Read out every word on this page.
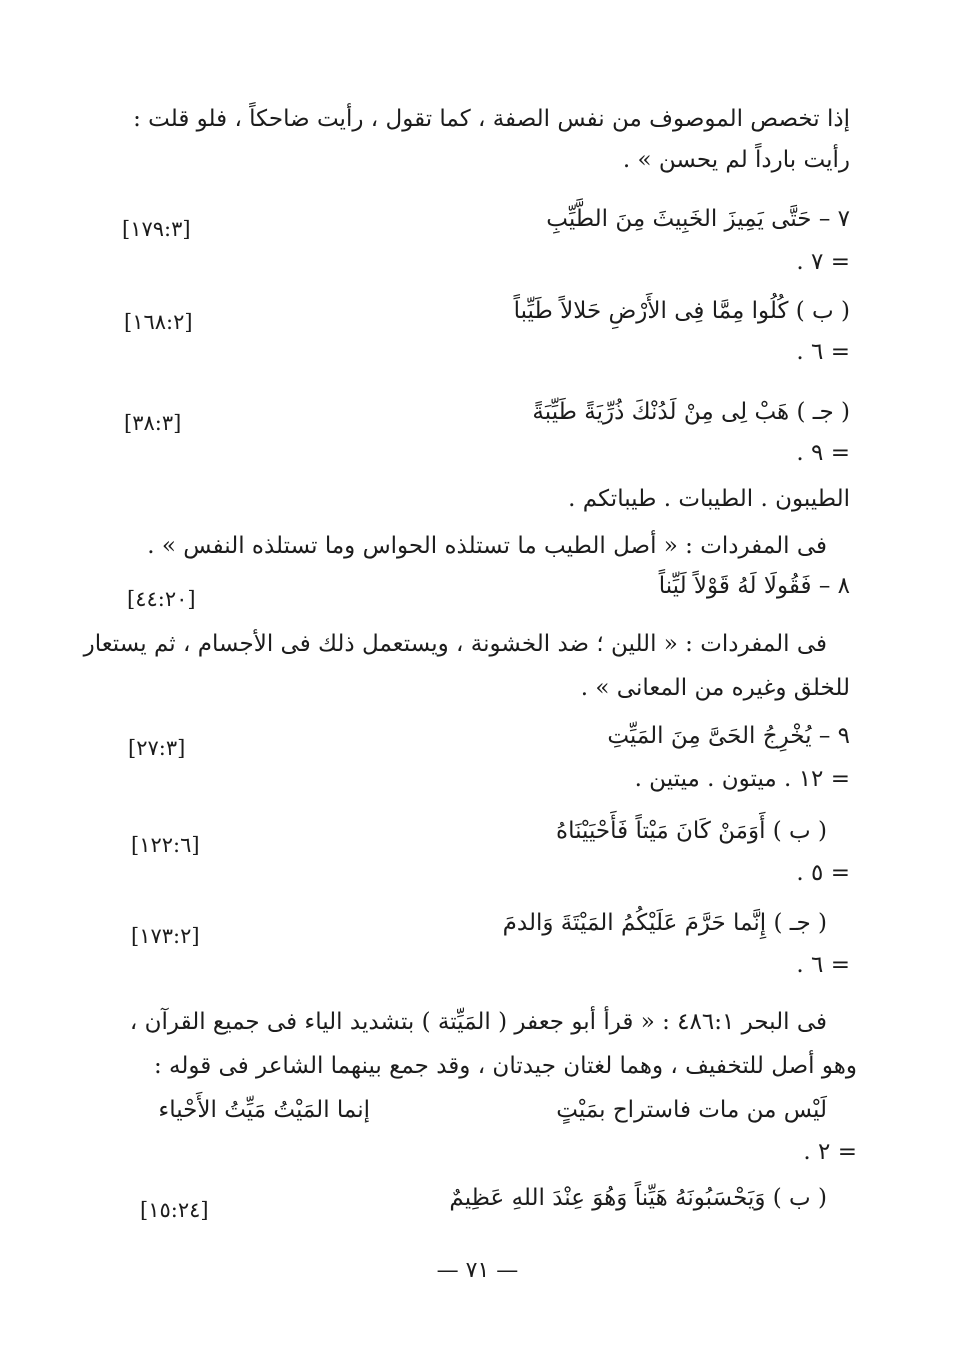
إذا تخصص الموصوف من نفس الصفة ، كما تقول ، رأيت ضاحكاً ، فلو قلت :
رأيت بارداً لم يحسن » .
٧ – حَتَّى يَمِيزَ الخَبِيثَ مِنَ الطَّيِّبِ
[١٧٩:٣]
= ٧ .
( ب ) كُلُوا مِمَّا فِى الأَرْضِ حَلالاً طَيِّباً
[١٦٨:٢]
= ٦ .
( جـ ) هَبْ لِى مِنْ لَدُنْكَ ذُرِّيَةً طَيِّبَةً
[٣٨:٣]
= ٩ .
الطيبون . الطيبات . طيباتكم .
فى المفردات : « أصل الطيب ما تستلذه الحواس وما تستلذه النفس » .
٨ – فَقُولَا لَهُ قَوْلاً لَيِّناً
[٤٤:٢٠]
فى المفردات : « اللين ؛ ضد الخشونة ، ويستعمل ذلك فى الأجسام ، ثم يستعار
للخلق وغيره من المعانى » .
٩ – يُخْرِجُ الحَىَّ مِنَ المَيِّتِ
[٢٧:٣]
= ١٢ . ميتون . ميتين .
( ب ) أَوَمَنْ كَانَ مَيْتاً فَأَحْيَيْنَاهُ
[١٢٢:٦]
= ٥ .
( جـ ) إِنَّما حَرَّمَ عَلَيْكُمُ المَيْتَةَ وَالدمَ
[١٧٣:٢]
= ٦ .
فى البحر ٤٨٦:١ : « قرأ أبو جعفر ( المَيِّتة ) بتشديد الياء فى جميع القرآن ،
وهو أصل للتخفيف ، وهما لغتان جيدتان ، وقد جمع بينهما الشاعر فى قوله :
لَيْس من مات فاستراح بمَيْتٍ
إنما المَيْتُ مَيِّتُ الأَحْياء
= ٢ .
( ب ) وَيَحْسَبُونَهُ هَيِّناً وَهُوَ عِنْدَ اللهِ عَظِيمٌ
[١٥:٢٤]
— ٧١ —
